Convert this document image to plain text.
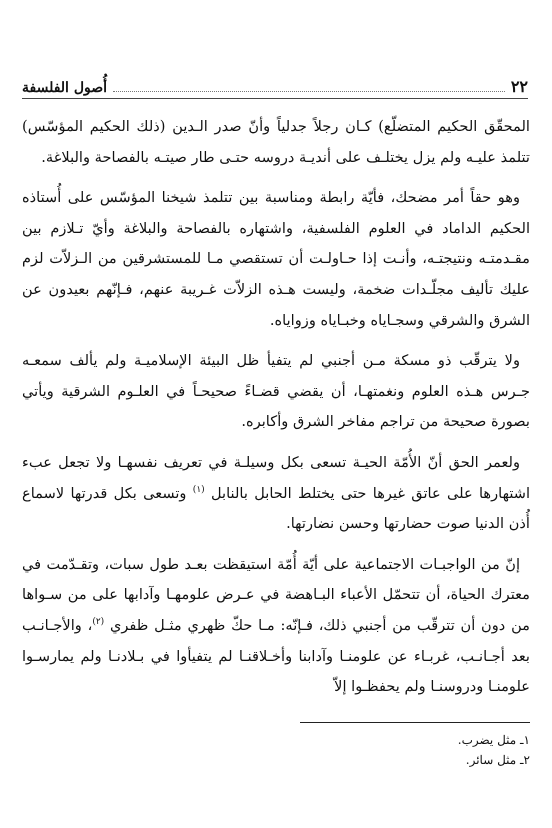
٢٢
أُصول الفلسفة

المحقّق الحكيم المتضلّع) كـان رجلاً جدلياً وأنّ صدر الـدين (ذلك الحكيم المؤسّس) تتلمذ عليـه ولم يزل يختلـف على أنديـة دروسه حتـى طار صيتـه بالفصاحة والبلاغة.

وهو حقاً أمر مضحك، فأيّة رابطة ومناسبة بين تتلمذ شيخنا المؤسّس على أُستاذه الحكيم الداماد في العلوم الفلسفية، واشتهاره بالفصاحة والبلاغة وأيّ تـلازم بين مقـدمتـه ونتيجتـه، وأنـت إذا حـاولـت أن تستقصي مـا للمستشرقين من الـزلاّت لزم عليك تأليف مجلّـدات ضخمة، وليست هـذه الزلاّت غـريبة عنهم، فـإنّهم بعيدون عن الشرق والشرقي وسجـاياه وخبـاياه وزواياه.

ولا يترقّب ذو مسكة مـن أجنبي لم يتفيأ ظل البيئة الإسلاميـة ولم يألف سمعـه جـرس هـذه العلوم ونغمتهـا، أن يقضي قضـاءً صحيحـاً في العلـوم الشرقية ويأتي بصورة صحيحة من تراجم مفاخر الشرق وأكابره.

ولعمر الحق أنّ الأُمّة الحيـة تسعى بكل وسيلـة في تعريف نفسهـا ولا تجعل عبء اشتهارها على عاتق غيرها حتى يختلط الحابل بالنابل $^{(١)}$ وتسعى بكل قدرتها لاسماع أُذن الدنيا صوت حضارتها وحسن نضارتها.

إنّ من الواجبـات الاجتماعية على أيّة أُمّة استيقظت بعـد طول سبات، وتقـدّمت في معترك الحياة، أن تتحمّل الأعباء البـاهضة في عـرض علومهـا وآدابها على من سـواها من دون أن تترقّب من أجنبي ذلك، فـإنّه: مـا حكّ ظهري مثـل ظفري $^{(٢)}$، والأجـانـب بعد أجـانـب، غربـاء عن علومنـا وآدابنا وأخـلاقنـا لم يتفيأوا في بـلادنـا ولم يمارسـوا علومنـا ودروسنـا ولم يحفظـوا إلاّ

١ـ مثل يضرب.
٢ـ مثل سائر.
